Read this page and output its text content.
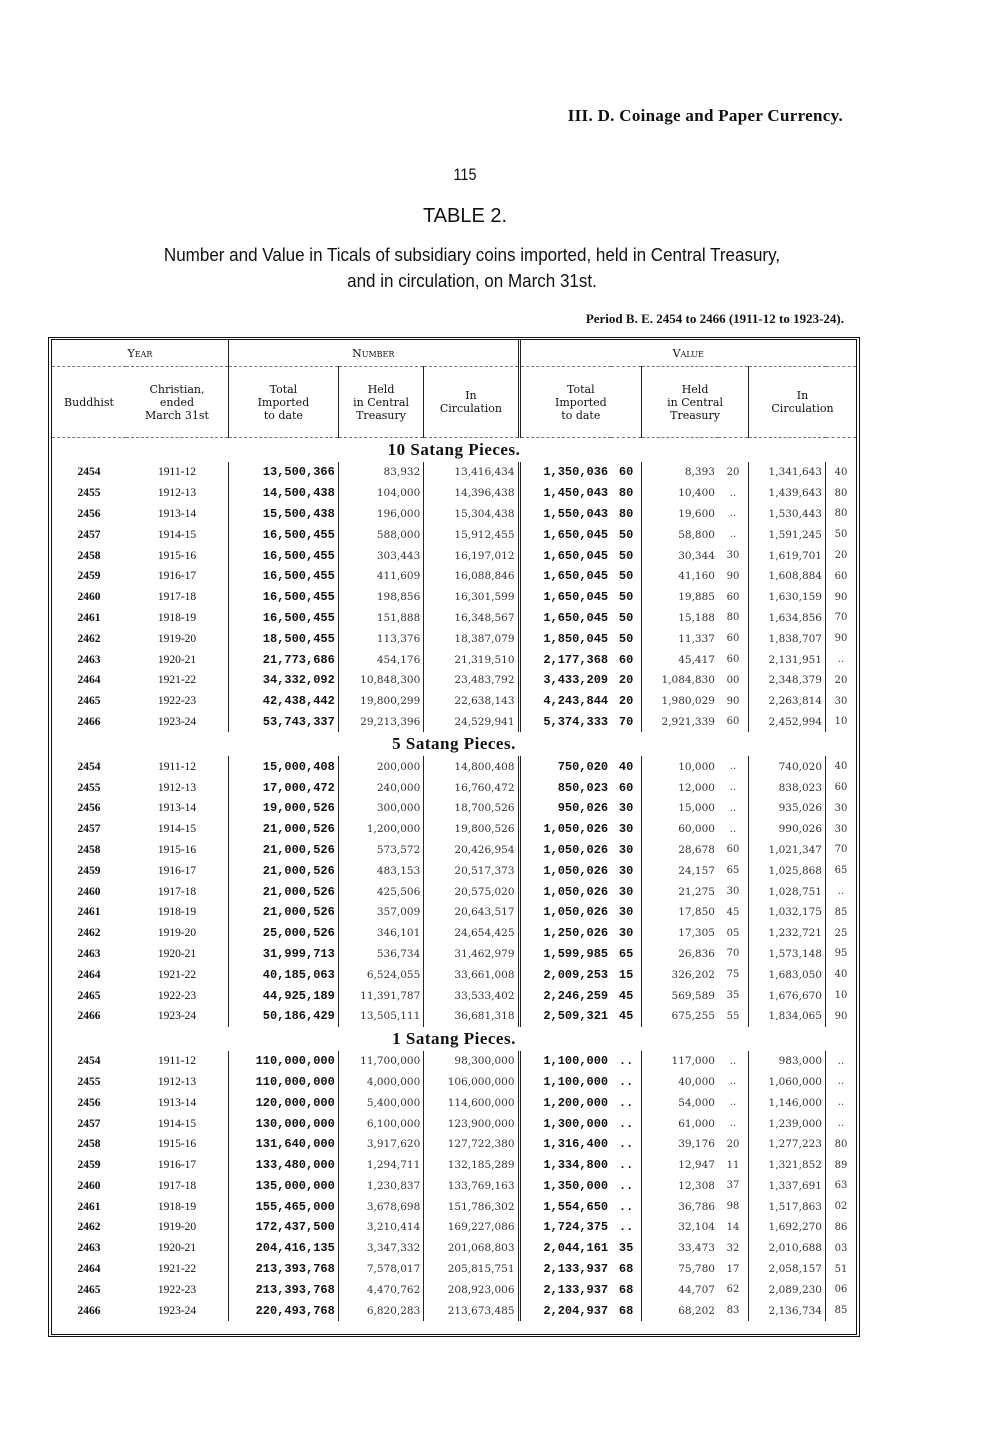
III. D. Coinage and Paper Currency.
115
TABLE 2.
Number and Value in Ticals of subsidiary coins imported, held in Central Treasury,
and in circulation, on March 31st.
Period B. E. 2454 to 2466 (1911-12 to 1923-24).
Year		Number			Value					
Buddhist	
Christian,
ended
March 31st

Total
Imported
to date

Held
in Central
Treasury

In
Circulation

Total
Imported
to date

Held
in Central
Treasury

In
Circulation

10 Satang Pieces.										
2454	1911-12	13,500,366	83,932	13,416,434	1,350,036	60	8,393	20	1,341,643	40
2455	1912-13	14,500,438	104,000	14,396,438	1,450,043	80	10,400	..	1,439,643	80
2456	1913-14	15,500,438	196,000	15,304,438	1,550,043	80	19,600	..	1,530,443	80
2457	1914-15	16,500,455	588,000	15,912,455	1,650,045	50	58,800	..	1,591,245	50
2458	1915-16	16,500,455	303,443	16,197,012	1,650,045	50	30,344	30	1,619,701	20
2459	1916-17	16,500,455	411,609	16,088,846	1,650,045	50	41,160	90	1,608,884	60
2460	1917-18	16,500,455	198,856	16,301,599	1,650,045	50	19,885	60	1,630,159	90
2461	1918-19	16,500,455	151,888	16,348,567	1,650,045	50	15,188	80	1,634,856	70
2462	1919-20	18,500,455	113,376	18,387,079	1,850,045	50	11,337	60	1,838,707	90
2463	1920-21	21,773,686	454,176	21,319,510	2,177,368	60	45,417	60	2,131,951	..
2464	1921-22	34,332,092	10,848,300	23,483,792	3,433,209	20	1,084,830	00	2,348,379	20
2465	1922-23	42,438,442	19,800,299	22,638,143	4,243,844	20	1,980,029	90	2,263,814	30
2466	1923-24	53,743,337	29,213,396	24,529,941	5,374,333	70	2,921,339	60	2,452,994	10
5 Satang Pieces.										
2454	1911-12	15,000,408	200,000	14,800,408	750,020	40	10,000	..	740,020	40
2455	1912-13	17,000,472	240,000	16,760,472	850,023	60	12,000	..	838,023	60
2456	1913-14	19,000,526	300,000	18,700,526	950,026	30	15,000	..	935,026	30
2457	1914-15	21,000,526	1,200,000	19,800,526	1,050,026	30	60,000	..	990,026	30
2458	1915-16	21,000,526	573,572	20,426,954	1,050,026	30	28,678	60	1,021,347	70
2459	1916-17	21,000,526	483,153	20,517,373	1,050,026	30	24,157	65	1,025,868	65
2460	1917-18	21,000,526	425,506	20,575,020	1,050,026	30	21,275	30	1,028,751	..
2461	1918-19	21,000,526	357,009	20,643,517	1,050,026	30	17,850	45	1,032,175	85
2462	1919-20	25,000,526	346,101	24,654,425	1,250,026	30	17,305	05	1,232,721	25
2463	1920-21	31,999,713	536,734	31,462,979	1,599,985	65	26,836	70	1,573,148	95
2464	1921-22	40,185,063	6,524,055	33,661,008	2,009,253	15	326,202	75	1,683,050	40
2465	1922-23	44,925,189	11,391,787	33,533,402	2,246,259	45	569,589	35	1,676,670	10
2466	1923-24	50,186,429	13,505,111	36,681,318	2,509,321	45	675,255	55	1,834,065	90
1 Satang Pieces.										
2454	1911-12	110,000,000	11,700,000	98,300,000	1,100,000	..	117,000	..	983,000	..
2455	1912-13	110,000,000	4,000,000	106,000,000	1,100,000	..	40,000	..	1,060,000	..
2456	1913-14	120,000,000	5,400,000	114,600,000	1,200,000	..	54,000	..	1,146,000	..
2457	1914-15	130,000,000	6,100,000	123,900,000	1,300,000	..	61,000	..	1,239,000	..
2458	1915-16	131,640,000	3,917,620	127,722,380	1,316,400	..	39,176	20	1,277,223	80
2459	1916-17	133,480,000	1,294,711	132,185,289	1,334,800	..	12,947	11	1,321,852	89
2460	1917-18	135,000,000	1,230,837	133,769,163	1,350,000	..	12,308	37	1,337,691	63
2461	1918-19	155,465,000	3,678,698	151,786,302	1,554,650	..	36,786	98	1,517,863	02
2462	1919-20	172,437,500	3,210,414	169,227,086	1,724,375	..	32,104	14	1,692,270	86
2463	1920-21	204,416,135	3,347,332	201,068,803	2,044,161	35	33,473	32	2,010,688	03
2464	1921-22	213,393,768	7,578,017	205,815,751	2,133,937	68	75,780	17	2,058,157	51
2465	1922-23	213,393,768	4,470,762	208,923,006	2,133,937	68	44,707	62	2,089,230	06
2466	1923-24	220,493,768	6,820,283	213,673,485	2,204,937	68	68,202	83	2,136,734	85
